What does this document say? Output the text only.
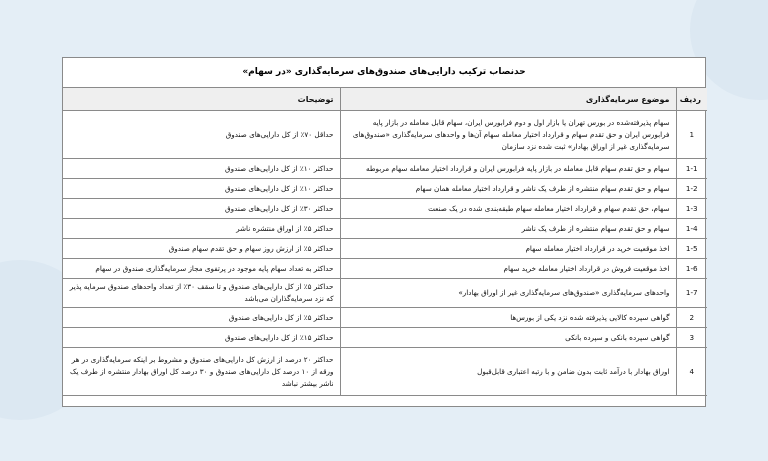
حدنصاب ترکیب دارایی‌های صندوق‌های سرمایه‌گذاری «در سهام»
ردیف	موضوع سرمایه‌گذاری	توضیحات
1	سهام پذیرفته‌شده در بورس تهران یا بازار اول و دوم فرابورس ایران، سهام قابل معامله در بازار پایه فرابورس ایران و حق تقدم سهام و قرارداد اختیار معامله سهام آن‌ها و واحدهای سرمایه‌گذاری «صندوق‌های سرمایه‌گذاری غیر از اوراق بهادار» ثبت شده نزد سازمان	حداقل ۷۰٪ از کل دارایی‌های صندوق
1-1	سهام و حق تقدم سهام قابل معامله در بازار پایه فرابورس ایران و قرارداد اختیار معامله سهام مربوطه	حداکثر ۱۰٪ از کل دارایی‌های صندوق
1-2	سهام و حق تقدم سهام منتشره از طرف یک ناشر و قرارداد اختیار معامله همان سهام	حداکثر ۱۰٪ از کل دارایی‌های صندوق
1-3	سهام، حق تقدم سهام و قرارداد اختیار معامله سهام طبقه‌بندی شده در یک صنعت	حداکثر ۳۰٪ از کل دارایی‌های صندوق
1-4	سهام و حق تقدم سهام منتشره از طرف یک ناشر	حداکثر ۵٪ از اوراق منتشره ناشر
1-5	اخذ موقعیت خرید در قرارداد اختیار معامله سهام	حداکثر ۵٪ از ارزش روز سهام و حق تقدم سهام صندوق
1-6	اخذ موقعیت فروش در قرارداد اختیار معامله خرید سهام	حداکثر به تعداد سهام پایه موجود در پرتفوی مجاز سرمایه‌گذاری صندوق در سهام
1-7	واحدهای سرمایه‌گذاری «صندوق‌های سرمایه‌گذاری غیر از اوراق بهادار»	حداکثر ۵٪ از کل دارایی‌های صندوق و تا سقف ۳۰٪ از تعداد واحدهای صندوق سرمایه پذیر که نزد سرمایه‌گذاران می‌باشد
2	گواهی سپرده کالایی پذیرفته شده نزد یکی از بورس‌ها	حداکثر ۵٪ از کل دارایی‌های صندوق
3	گواهی سپرده بانکی و سپرده بانکی	حداکثر ۱۵٪ از کل دارایی‌های صندوق
4	اوراق بهادار با درآمد ثابت بدون ضامن و با رتبه اعتباری قابل‌قبول	حداکثر ۲۰ درصد از ارزش کل دارایی‌های صندوق و مشروط بر اینکه سرمایه‌گذاری در هر ورقه از ۱۰ درصد کل دارایی‌های صندوق و ۳۰ درصد کل اوراق بهادار منتشره از طرف یک ناشر بیشتر نباشد
